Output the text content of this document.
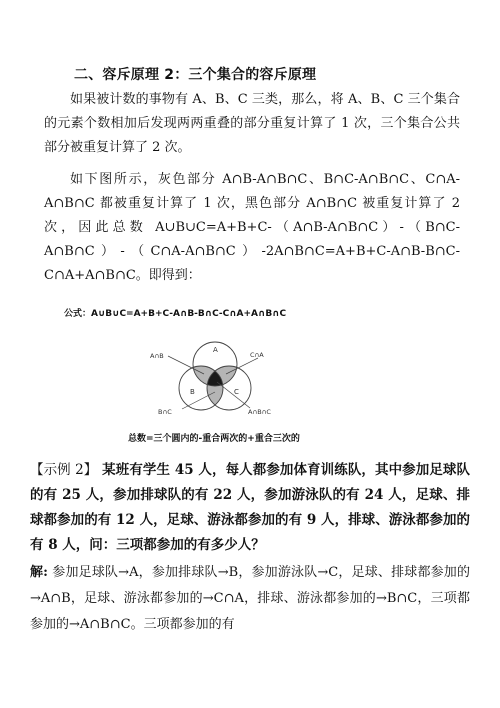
二、容斥原理 2：三个集合的容斥原理
如果被计数的事物有 A、B、C 三类，那么，将 A、B、C 三个集合的元素个数相加后发现两两重叠的部分重复计算了 1 次，三个集合公共部分被重复计算了 2 次。
如下图所示，灰色部分 A∩B-A∩B∩C、B∩C-A∩B∩C、C∩A-A∩B∩C 都被重复计算了 1 次，黑色部分 A∩B∩C 被重复计算了 2 次，因此总数 A∪B∪C=A+B+C-（A∩B-A∩B∩C）-（B∩C-A∩B∩C）-（C∩A-A∩B∩C）-2A∩B∩C=A+B+C-A∩B-B∩C-C∩A+A∩B∩C。即得到：
公式：A∪B∪C=A+B+C-A∩B-B∩C-C∩A+A∩B∩C
A
B	C
A∩B	C∩A
B∩C	A∩B∩C
总数=三个圆内的-重合两次的+重合三次的
【示例 2】 某班有学生 45 人，每人都参加体育训练队，其中参加足球队的有 25 人，参加排球队的有 22 人，参加游泳队的有 24 人，足球、排球都参加的有 12 人，足球、游泳都参加的有 9 人，排球、游泳都参加的有 8 人，问：三项都参加的有多少人？
解: 参加足球队→A，参加排球队→B，参加游泳队→C，足球、排球都参加的→A∩B，足球、游泳都参加的→C∩A，排球、游泳都参加的→B∩C，三项都参加的→A∩B∩C。三项都参加的有
